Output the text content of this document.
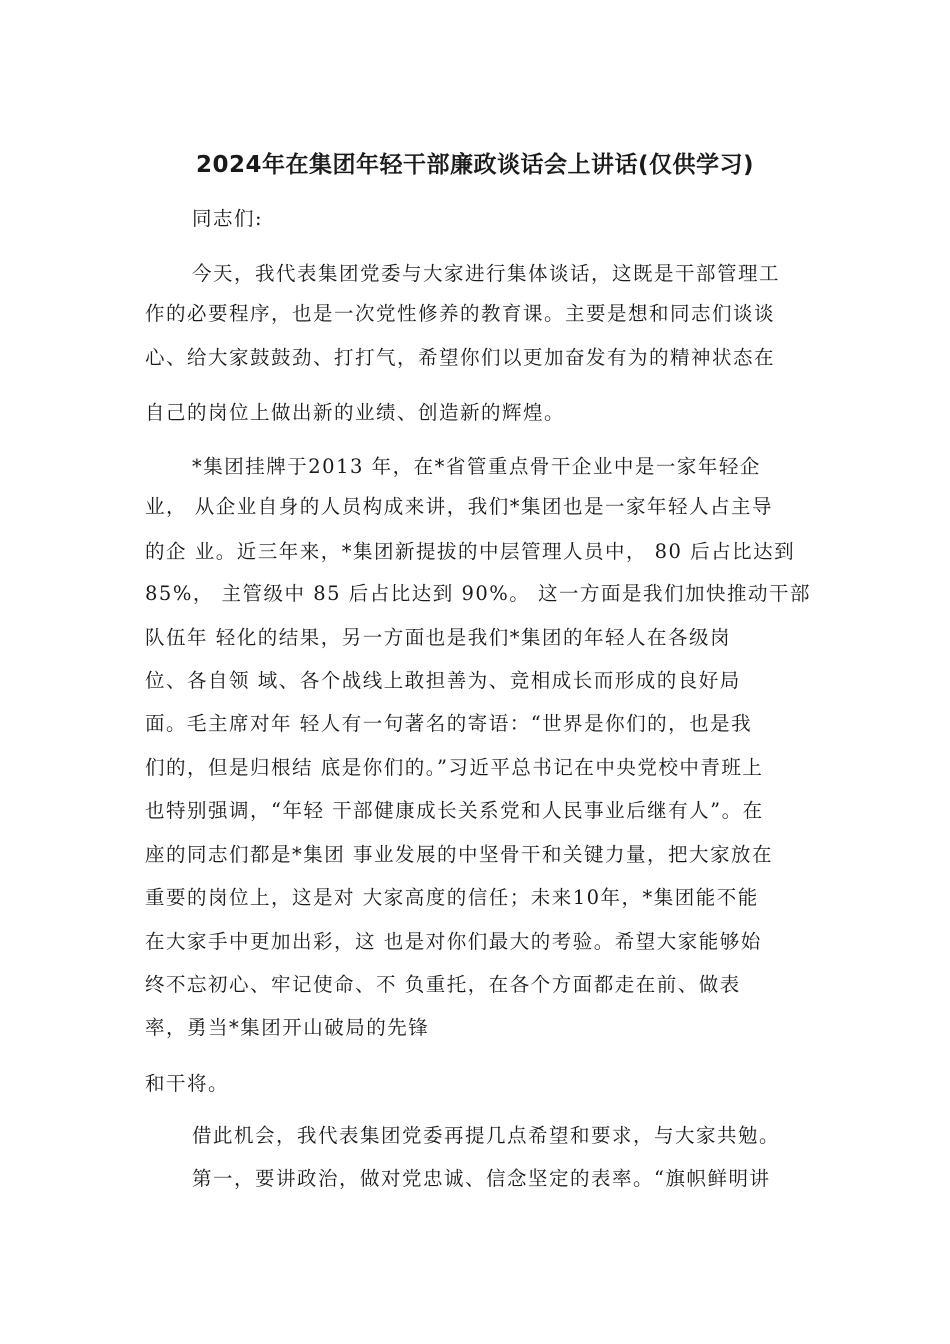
2024年在集团年轻干部廉政谈话会上讲话(仅供学习)
同志们:
今天，我代表集团党委与大家进行集体谈话，这既是干部管理工
作的必要程序，也是一次党性修养的教育课。主要是想和同志们谈谈
心、给大家鼓鼓劲、打打气，希望你们以更加奋发有为的精神状态在
自己的岗位上做出新的业绩、创造新的辉煌。
*集团挂牌于2013 年，在*省管重点骨干企业中是一家年轻企
业， 从企业自身的人员构成来讲，我们*集团也是一家年轻人占主导
的企 业。近三年来，*集团新提拔的中层管理人员中， 80 后占比达到
85%， 主管级中 85 后占比达到 90%。 这一方面是我们加快推动干部
队伍年 轻化的结果，另一方面也是我们*集团的年轻人在各级岗
位、各自领 域、各个战线上敢担善为、竞相成长而形成的良好局
面。毛主席对年 轻人有一句著名的寄语：“世界是你们的，也是我
们的，但是归根结 底是你们的。”习近平总书记在中央党校中青班上
也特别强调，“年轻 干部健康成长关系党和人民事业后继有人”。在
座的同志们都是*集团 事业发展的中坚骨干和关键力量，把大家放在
重要的岗位上，这是对 大家高度的信任；未来10年，*集团能不能
在大家手中更加出彩，这 也是对你们最大的考验。希望大家能够始
终不忘初心、牢记使命、不 负重托，在各个方面都走在前、做表
率，勇当*集团开山破局的先锋
和干将。
借此机会，我代表集团党委再提几点希望和要求，与大家共勉。
第一，要讲政治，做对党忠诚、信念坚定的表率。“旗帜鲜明讲
